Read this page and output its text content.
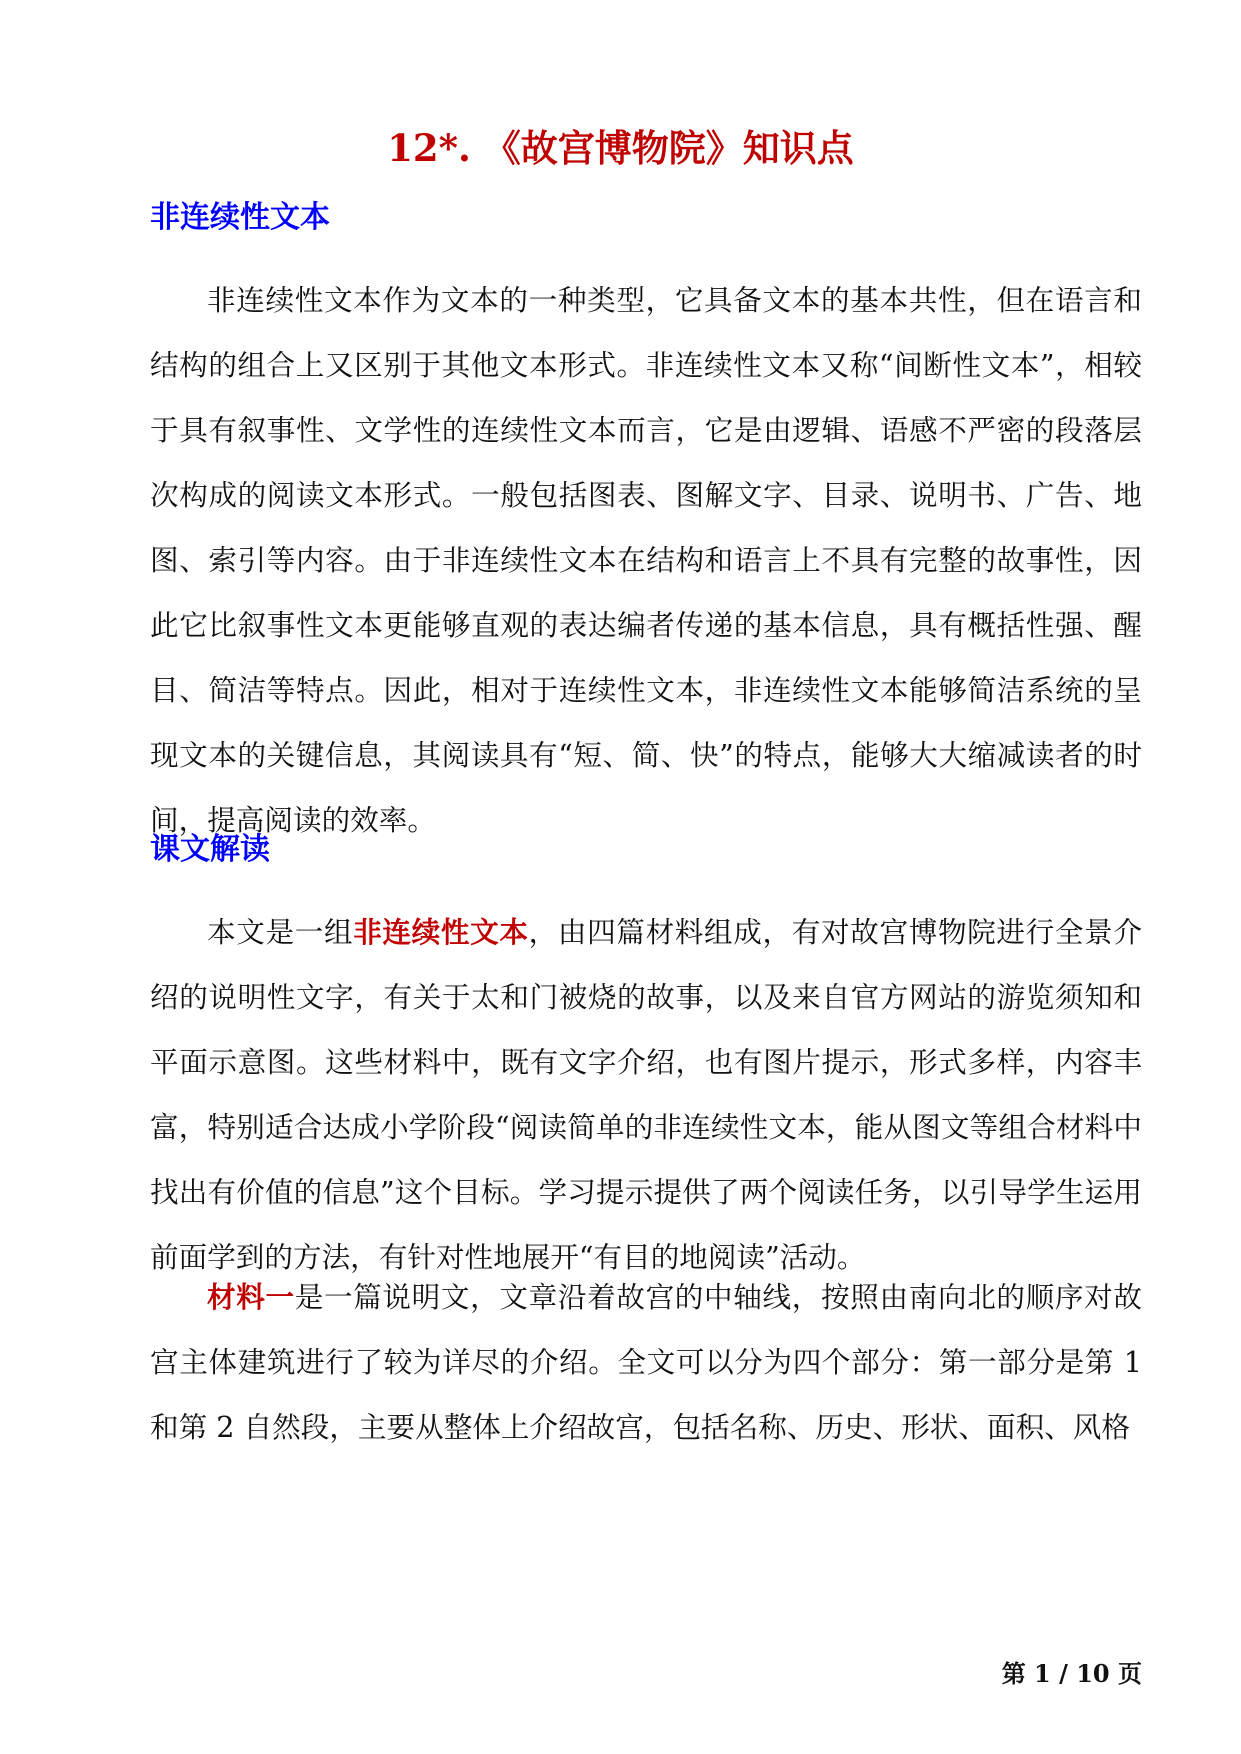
12*. 《故宫博物院》知识点
非连续性文本
非连续性文本作为文本的一种类型，它具备文本的基本共性，但在语言和结构的组合上又区别于其他文本形式。非连续性文本又称“间断性文本”，相较于具有叙事性、文学性的连续性文本而言，它是由逻辑、语感不严密的段落层次构成的阅读文本形式。一般包括图表、图解文字、目录、说明书、广告、地图、索引等内容。由于非连续性文本在结构和语言上不具有完整的故事性，因此它比叙事性文本更能够直观的表达编者传递的基本信息，具有概括性强、醒目、简洁等特点。因此，相对于连续性文本，非连续性文本能够简洁系统的呈现文本的关键信息，其阅读具有“短、简、快”的特点，能够大大缩减读者的时间，提高阅读的效率。
课文解读
本文是一组非连续性文本，由四篇材料组成，有对故宫博物院进行全景介绍的说明性文字，有关于太和门被烧的故事，以及来自官方网站的游览须知和平面示意图。这些材料中，既有文字介绍，也有图片提示，形式多样，内容丰富，特别适合达成小学阶段“阅读简单的非连续性文本，能从图文等组合材料中找出有价值的信息”这个目标。学习提示提供了两个阅读任务，以引导学生运用前面学到的方法，有针对性地展开“有目的地阅读”活动。
材料一是一篇说明文，文章沿着故宫的中轴线，按照由南向北的顺序对故宫主体建筑进行了较为详尽的介绍。全文可以分为四个部分：第一部分是第 1 和第 2 自然段，主要从整体上介绍故宫，包括名称、历史、形状、面积、风格
第 1 / 10 页
